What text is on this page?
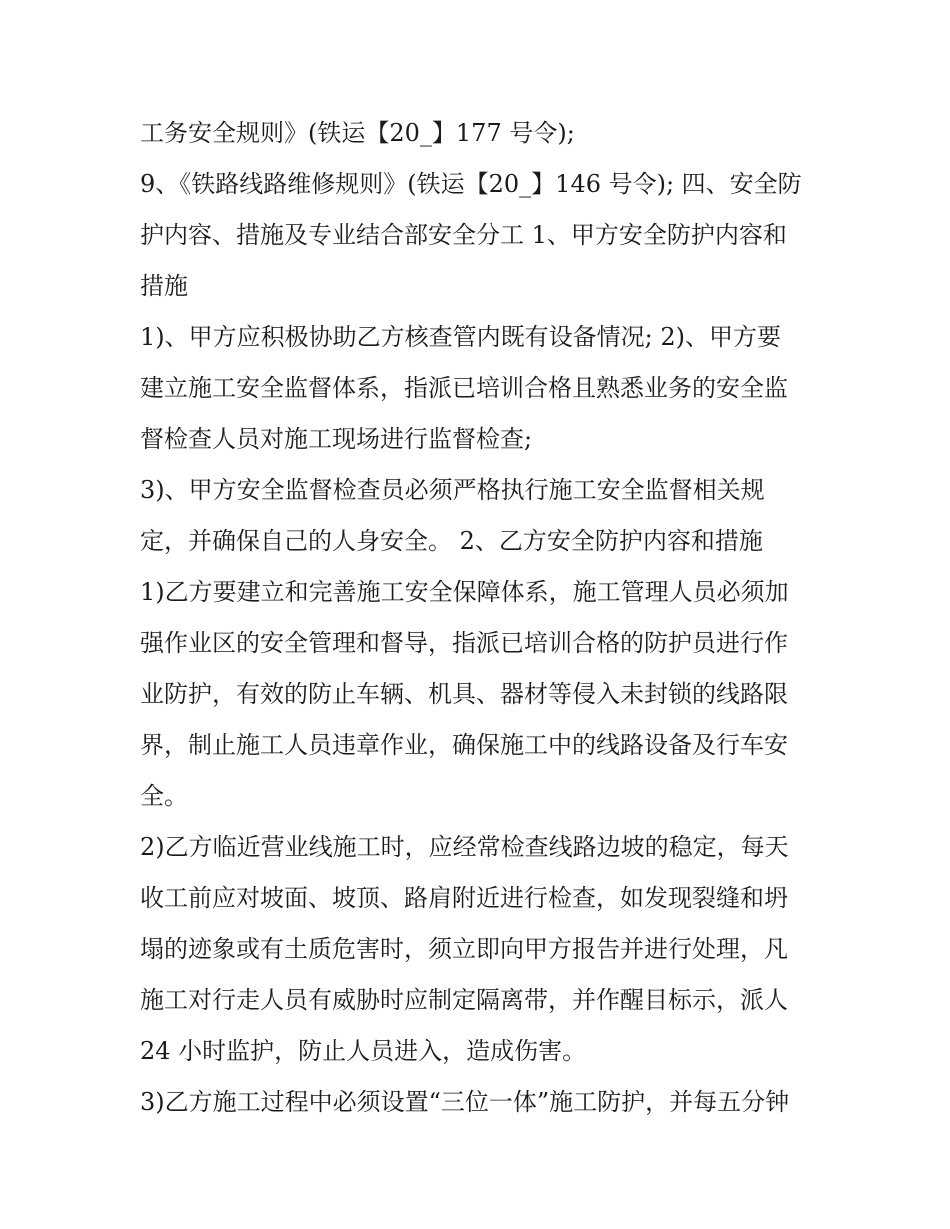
工务安全规则》(铁运【20_】177 号令);
9、《铁路线路维修规则》(铁运【20_】146 号令); 四、安全防
护内容、措施及专业结合部安全分工 1、甲方安全防护内容和
措施
1)、甲方应积极协助乙方核查管内既有设备情况; 2)、甲方要
建立施工安全监督体系，指派已培训合格且熟悉业务的安全监
督检查人员对施工现场进行监督检查;
3)、甲方安全监督检查员必须严格执行施工安全监督相关规
定，并确保自己的人身安全。 2、乙方安全防护内容和措施
1)乙方要建立和完善施工安全保障体系，施工管理人员必须加
强作业区的安全管理和督导，指派已培训合格的防护员进行作
业防护，有效的防止车辆、机具、器材等侵入未封锁的线路限
界，制止施工人员违章作业，确保施工中的线路设备及行车安
全。
2)乙方临近营业线施工时，应经常检查线路边坡的稳定，每天
收工前应对坡面、坡顶、路肩附近进行检查，如发现裂缝和坍
塌的迹象或有土质危害时，须立即向甲方报告并进行处理，凡
施工对行走人员有威胁时应制定隔离带，并作醒目标示，派人
24 小时监护，防止人员进入，造成伤害。
3)乙方施工过程中必须设置“三位一体”施工防护，并每五分钟
